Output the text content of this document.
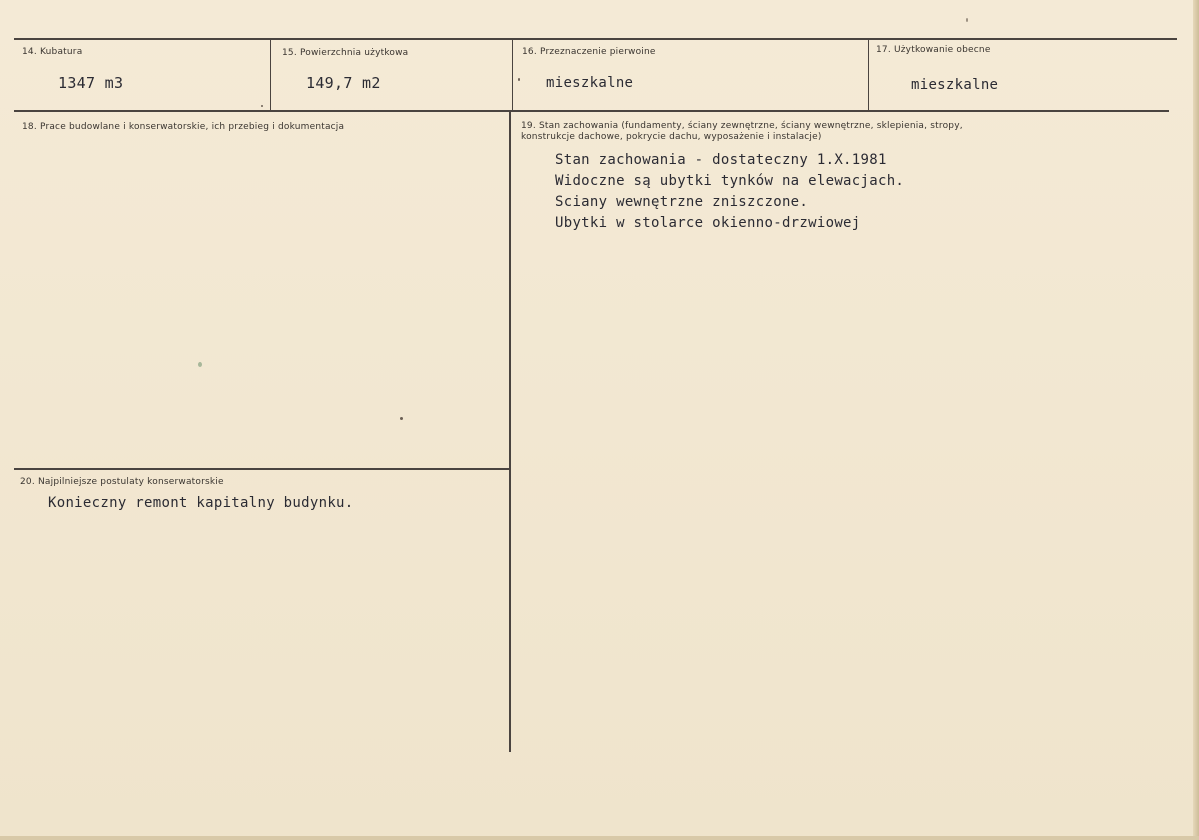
14. Kubatura
1347 m3
15. Powierzchnia użytkowa
149,7 m2
16. Przeznaczenie pierwoine
mieszkalne
17. Użytkowanie obecne
mieszkalne
18. Prace budowlane i konserwatorskie, ich przebieg i dokumentacja	19. Stan zachowania (fundamenty, ściany zewnętrzne, ściany wewnętrzne, sklepienia, stropy, konstrukcje dachowe, pokrycie dachu, wyposażenie i instalacje)
Stan zachowania - dostateczny 1.X.1981
Widoczne są ubytki tynków na elewacjach.
Sciany wewnętrzne zniszczone.
Ubytki w stolarce okienno-drzwiowej
20. Najpilniejsze postulaty konserwatorskie
Konieczny remont kapitalny budynku.
